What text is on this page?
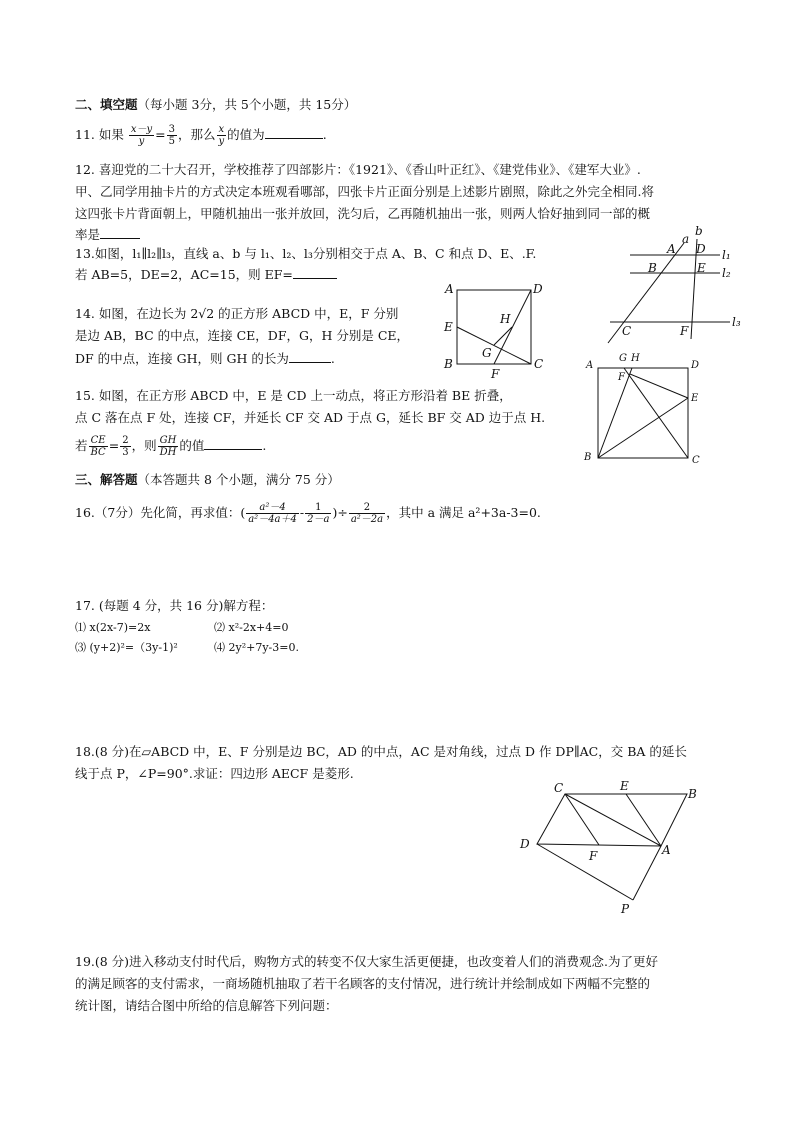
二、填空题（每小题 3分，共 5个小题，共 15分）
11. 如果 $\frac{x-y}{y} = \frac{3}{5}$ ，那么 $\frac{x}{y}$ 的值为	.
12. 喜迎党的二十大召开，学校推荐了四部影片：《1921》、《香山叶正红》、《建党伟业》、《建军大业》.
甲、乙同学用抽卡片的方式决定本班观看哪部，四张卡片正面分别是上述影片剧照，除此之外完全相同.将
这四张卡片背面朝上，甲随机抽出一张并放回，洗匀后，乙再随机抽出一张，则两人恰好抽到同一部的概
率是
13.如图，l₁∥l₂∥l₃，直线 a、b 与 l₁、l₂、l₃分别相交于点 A、B、C 和点 D、E、.F.
若 AB=5，DE=2，AC=15，则 EF=
14. 如图，在边长为 2√2 的正方形 ABCD 中，E，F 分别
是边 AB，BC 的中点，连接 CE，DF，G，H 分别是 CE，
DF 的中点，连接 GH，则 GH 的长为	.
15. 如图，在正方形 ABCD 中，E 是 CD 上一动点，将正方形沿着 BE 折叠，
点 C 落在点 F 处，连接 CF，并延长 CF 交 AD 于点 G，延长 BF 交 AD 边于点 H.
若 $\frac{CE}{BC} = \frac{2}{3}$ ，则 $\frac{GH}{DH}$ 的值	.
三、解答题（本答题共 8 个小题，满分 75 分）
16.（7分）先化简，再求值：( $\frac{\text{a²－4}}{\text{a²－4a＋4}} - \frac{1}{2-a}$ )÷ $\frac{2}{\text{a²－2a}}$ ，其中 a 满足 a²+3a-3=0.
17. (每题 4 分，共 16 分)解方程：
⑴ x(2x-7)=2x	⑵ x²-2x+4=0
⑶ (y+2)²=（3y-1)²	⑷ 2y²+7y-3=0.
18.(8 分)在▱ABCD 中，E、F 分别是边 BC，AD 的中点，AC 是对角线，过点 D 作 DP∥AC，交 BA 的延长
线于点 P，∠P=90°.求证：四边形 AECF 是菱形.
19.(8 分)进入移动支付时代后，购物方式的转变不仅大家生活更便捷，也改变着人们的消费观念.为了更好
的满足顾客的支付需求，一商场随机抽取了若干名顾客的支付情况，进行统计并绘制成如下两幅不完整的
统计图，请结合图中所给的信息解答下列问题：
a
b
A D
B	E
C	F
l₁
l₂
l₃
A	D
E
H
G
B	C
F
A
G H
D
F
E
B	C
C	E
B
D
F	A
P
